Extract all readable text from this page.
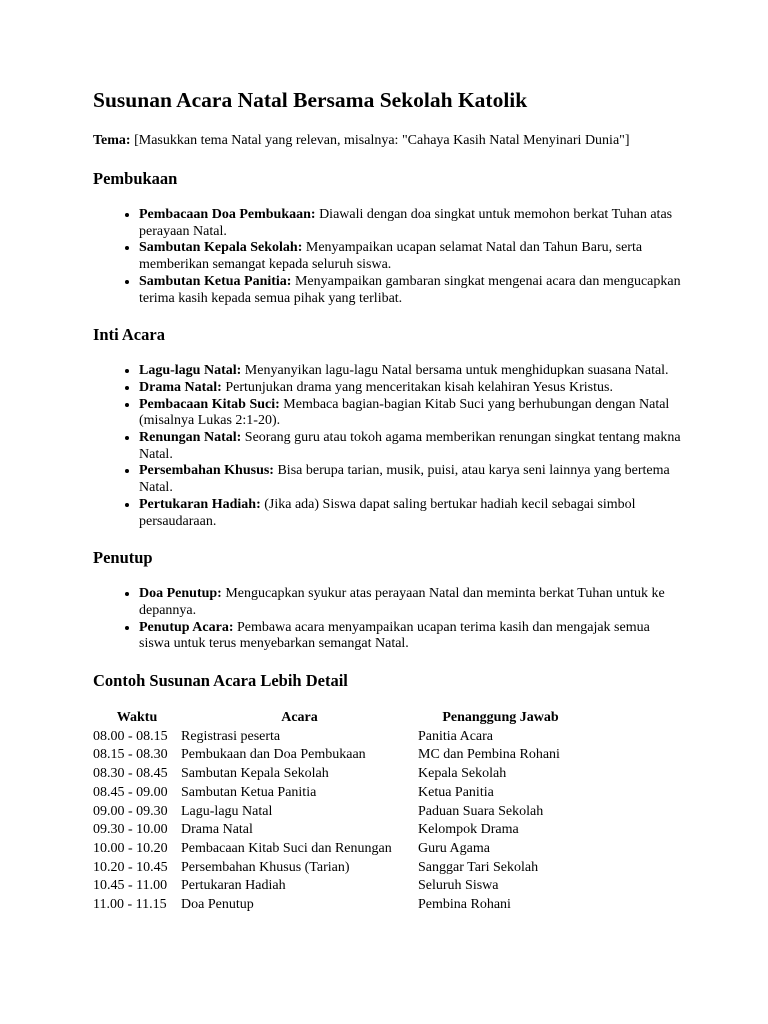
Susunan Acara Natal Bersama Sekolah Katolik

Tema: [Masukkan tema Natal yang relevan, misalnya: "Cahaya Kasih Natal Menyinari Dunia"]

Pembukaan
• Pembacaan Doa Pembukaan: Diawali dengan doa singkat untuk memohon berkat Tuhan atas perayaan Natal.
• Sambutan Kepala Sekolah: Menyampaikan ucapan selamat Natal dan Tahun Baru, serta memberikan semangat kepada seluruh siswa.
• Sambutan Ketua Panitia: Menyampaikan gambaran singkat mengenai acara dan mengucapkan terima kasih kepada semua pihak yang terlibat.
Inti Acara
• Lagu-lagu Natal: Menyanyikan lagu-lagu Natal bersama untuk menghidupkan suasana Natal.
• Drama Natal: Pertunjukan drama yang menceritakan kisah kelahiran Yesus Kristus.
• Pembacaan Kitab Suci: Membaca bagian-bagian Kitab Suci yang berhubungan dengan Natal (misalnya Lukas 2:1-20).
• Renungan Natal: Seorang guru atau tokoh agama memberikan renungan singkat tentang makna Natal.
• Persembahan Khusus: Bisa berupa tarian, musik, puisi, atau karya seni lainnya yang bertema Natal.
• Pertukaran Hadiah: (Jika ada) Siswa dapat saling bertukar hadiah kecil sebagai simbol persaudaraan.
Penutup
• Doa Penutup: Mengucapkan syukur atas perayaan Natal dan meminta berkat Tuhan untuk ke depannya.
• Penutup Acara: Pembawa acara menyampaikan ucapan terima kasih dan mengajak semua siswa untuk terus menyebarkan semangat Natal.
Contoh Susunan Acara Lebih Detail
Waktu	Acara	Penanggung Jawab
08.00 - 08.15	Registrasi peserta	Panitia Acara
08.15 - 08.30	Pembukaan dan Doa Pembukaan	MC dan Pembina Rohani
08.30 - 08.45	Sambutan Kepala Sekolah	Kepala Sekolah
08.45 - 09.00	Sambutan Ketua Panitia	Ketua Panitia
09.00 - 09.30	Lagu-lagu Natal	Paduan Suara Sekolah
09.30 - 10.00	Drama Natal	Kelompok Drama
10.00 - 10.20	Pembacaan Kitab Suci dan Renungan	Guru Agama
10.20 - 10.45	Persembahan Khusus (Tarian)	Sanggar Tari Sekolah
10.45 - 11.00	Pertukaran Hadiah	Seluruh Siswa
11.00 - 11.15	Doa Penutup	Pembina Rohani
